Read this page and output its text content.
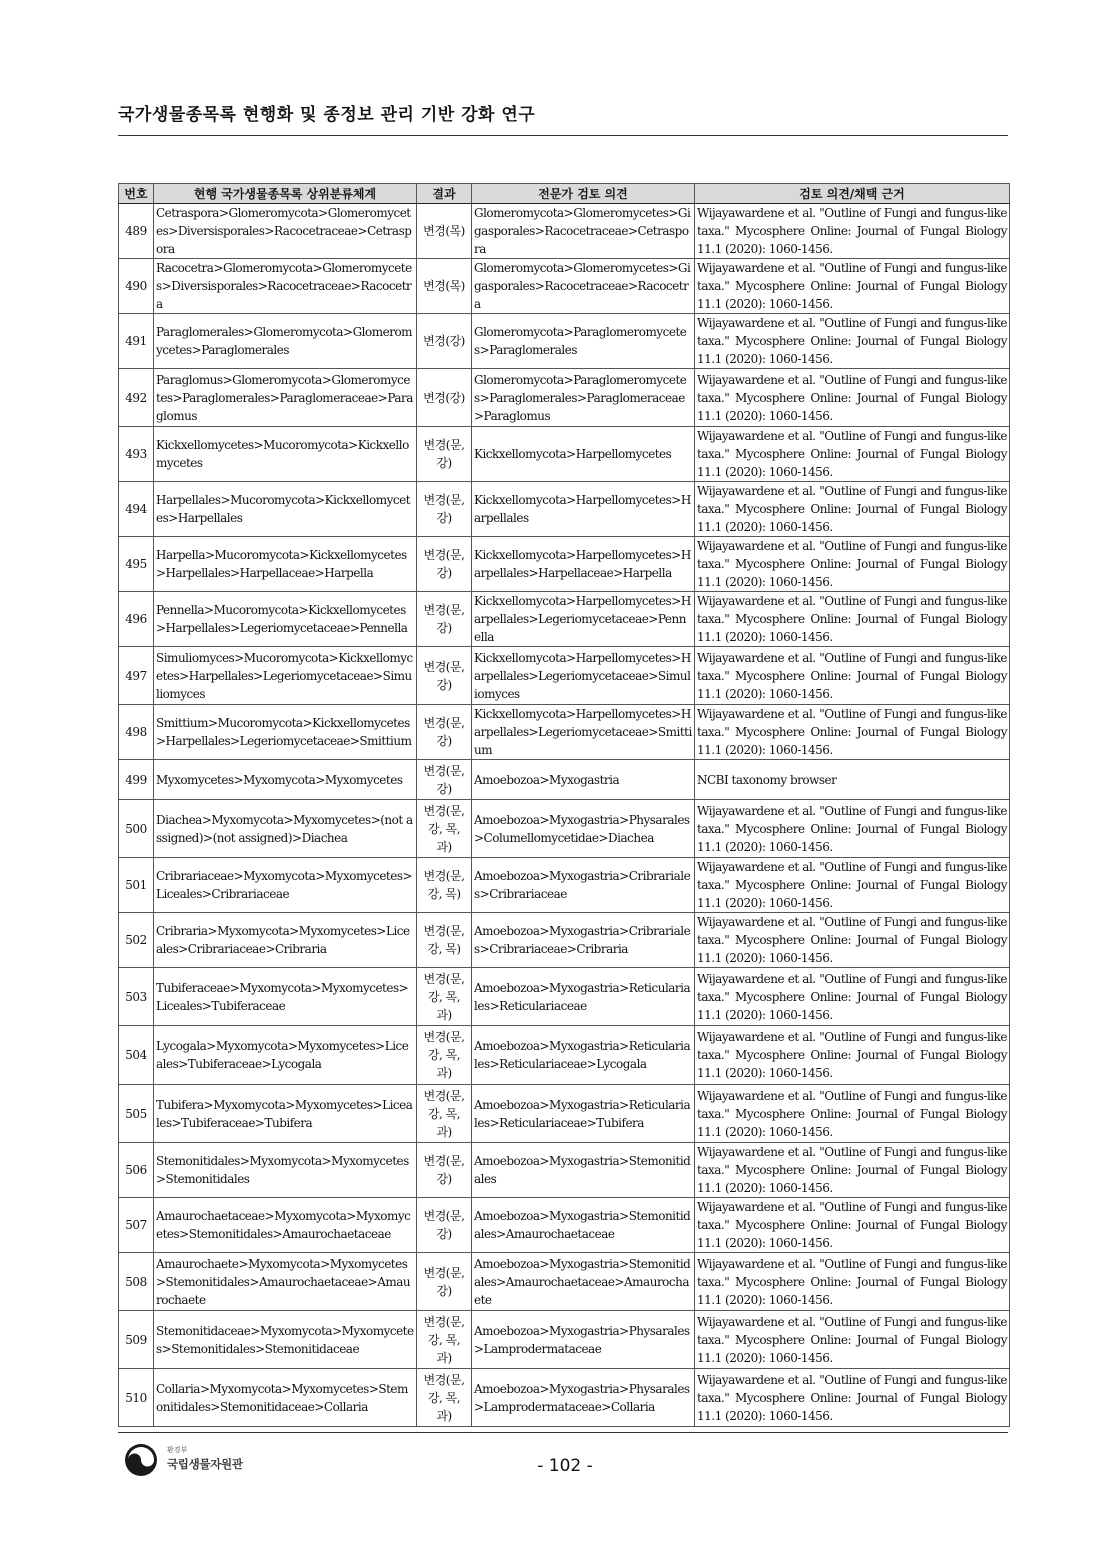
국가생물종목록 현행화 및 종정보 관리 기반 강화 연구
번호	현행 국가생물종목록 상위분류체계	결과	전문가 검토 의견	검토 의견/채택 근거
489	Cetraspora>Glomeromycota>Glomeromycetes>Diversisporales>Racocetraceae>Cetraspora	변경(목)	Glomeromycota>Glomeromycetes>Gigasporales>Racocetraceae>Cetraspora	Wijayawardene et al. "Outline of Fungi and fungus-like taxa." Mycosphere Online: Journal of Fungal Biology 11.1 (2020): 1060-1456.
490	Racocetra>Glomeromycota>Glomeromycetes>Diversisporales>Racocetraceae>Racocetra	변경(목)	Glomeromycota>Glomeromycetes>Gigasporales>Racocetraceae>Racocetra	Wijayawardene et al. "Outline of Fungi and fungus-like taxa." Mycosphere Online: Journal of Fungal Biology 11.1 (2020): 1060-1456.
491	Paraglomerales>Glomeromycota>Glomeromycetes>Paraglomerales	변경(강)	Glomeromycota>Paraglomeromycetes>Paraglomerales	Wijayawardene et al. "Outline of Fungi and fungus-like taxa." Mycosphere Online: Journal of Fungal Biology 11.1 (2020): 1060-1456.
492	Paraglomus>Glomeromycota>Glomeromycetes>Paraglomerales>Paraglomeraceae>Paraglomus	변경(강)	Glomeromycota>Paraglomeromycetes>Paraglomerales>Paraglomeraceae>Paraglomus	Wijayawardene et al. "Outline of Fungi and fungus-like taxa." Mycosphere Online: Journal of Fungal Biology 11.1 (2020): 1060-1456.
493	Kickxellomycetes>Mucoromycota>Kickxellomycetes	변경(문, 강)	Kickxellomycota>Harpellomycetes	Wijayawardene et al. "Outline of Fungi and fungus-like taxa." Mycosphere Online: Journal of Fungal Biology 11.1 (2020): 1060-1456.
494	Harpellales>Mucoromycota>Kickxellomycetes>Harpellales	변경(문, 강)	Kickxellomycota>Harpellomycetes>Harpellales	Wijayawardene et al. "Outline of Fungi and fungus-like taxa." Mycosphere Online: Journal of Fungal Biology 11.1 (2020): 1060-1456.
495	Harpella>Mucoromycota>Kickxellomycetes>Harpellales>Harpellaceae>Harpella	변경(문, 강)	Kickxellomycota>Harpellomycetes>Harpellales>Harpellaceae>Harpella	Wijayawardene et al. "Outline of Fungi and fungus-like taxa." Mycosphere Online: Journal of Fungal Biology 11.1 (2020): 1060-1456.
496	Pennella>Mucoromycota>Kickxellomycetes>Harpellales>Legeriomycetaceae>Pennella	변경(문, 강)	Kickxellomycota>Harpellomycetes>Harpellales>Legeriomycetaceae>Pennella	Wijayawardene et al. "Outline of Fungi and fungus-like taxa." Mycosphere Online: Journal of Fungal Biology 11.1 (2020): 1060-1456.
497	Simuliomyces>Mucoromycota>Kickxellomycetes>Harpellales>Legeriomycetaceae>Simuliomyces	변경(문, 강)	Kickxellomycota>Harpellomycetes>Harpellales>Legeriomycetaceae>Simuliomyces	Wijayawardene et al. "Outline of Fungi and fungus-like taxa." Mycosphere Online: Journal of Fungal Biology 11.1 (2020): 1060-1456.
498	Smittium>Mucoromycota>Kickxellomycetes>Harpellales>Legeriomycetaceae>Smittium	변경(문, 강)	Kickxellomycota>Harpellomycetes>Harpellales>Legeriomycetaceae>Smittium	Wijayawardene et al. "Outline of Fungi and fungus-like taxa." Mycosphere Online: Journal of Fungal Biology 11.1 (2020): 1060-1456.
499	Myxomycetes>Myxomycota>Myxomycetes	변경(문, 강)	Amoebozoa>Myxogastria	NCBI taxonomy browser
500	Diachea>Myxomycota>Myxomycetes>(not assigned)>(not assigned)>Diachea	변경(문, 강, 목, 과)	Amoebozoa>Myxogastria>Physarales>Columellomycetidae>Diachea	Wijayawardene et al. "Outline of Fungi and fungus-like taxa." Mycosphere Online: Journal of Fungal Biology 11.1 (2020): 1060-1456.
501	Cribrariaceae>Myxomycota>Myxomycetes>Liceales>Cribrariaceae	변경(문, 강, 목)	Amoebozoa>Myxogastria>Cribrariales>Cribrariaceae	Wijayawardene et al. "Outline of Fungi and fungus-like taxa." Mycosphere Online: Journal of Fungal Biology 11.1 (2020): 1060-1456.
502	Cribraria>Myxomycota>Myxomycetes>Liceales>Cribrariaceae>Cribraria	변경(문, 강, 목)	Amoebozoa>Myxogastria>Cribrariales>Cribrariaceae>Cribraria	Wijayawardene et al. "Outline of Fungi and fungus-like taxa." Mycosphere Online: Journal of Fungal Biology 11.1 (2020): 1060-1456.
503	Tubiferaceae>Myxomycota>Myxomycetes>Liceales>Tubiferaceae	변경(문, 강, 목, 과)	Amoebozoa>Myxogastria>Reticulariales>Reticulariaceae	Wijayawardene et al. "Outline of Fungi and fungus-like taxa." Mycosphere Online: Journal of Fungal Biology 11.1 (2020): 1060-1456.
504	Lycogala>Myxomycota>Myxomycetes>Liceales>Tubiferaceae>Lycogala	변경(문, 강, 목, 과)	Amoebozoa>Myxogastria>Reticulariales>Reticulariaceae>Lycogala	Wijayawardene et al. "Outline of Fungi and fungus-like taxa." Mycosphere Online: Journal of Fungal Biology 11.1 (2020): 1060-1456.
505	Tubifera>Myxomycota>Myxomycetes>Liceales>Tubiferaceae>Tubifera	변경(문, 강, 목, 과)	Amoebozoa>Myxogastria>Reticulariales>Reticulariaceae>Tubifera	Wijayawardene et al. "Outline of Fungi and fungus-like taxa." Mycosphere Online: Journal of Fungal Biology 11.1 (2020): 1060-1456.
506	Stemonitidales>Myxomycota>Myxomycetes>Stemonitidales	변경(문, 강)	Amoebozoa>Myxogastria>Stemonitidales	Wijayawardene et al. "Outline of Fungi and fungus-like taxa." Mycosphere Online: Journal of Fungal Biology 11.1 (2020): 1060-1456.
507	Amaurochaetaceae>Myxomycota>Myxomycetes>Stemonitidales>Amaurochaetaceae	변경(문, 강)	Amoebozoa>Myxogastria>Stemonitidales>Amaurochaetaceae	Wijayawardene et al. "Outline of Fungi and fungus-like taxa." Mycosphere Online: Journal of Fungal Biology 11.1 (2020): 1060-1456.
508	Amaurochaete>Myxomycota>Myxomycetes>Stemonitidales>Amaurochaetaceae>Amaurochaete	변경(문, 강)	Amoebozoa>Myxogastria>Stemonitidales>Amaurochaetaceae>Amaurochaete	Wijayawardene et al. "Outline of Fungi and fungus-like taxa." Mycosphere Online: Journal of Fungal Biology 11.1 (2020): 1060-1456.
509	Stemonitidaceae>Myxomycota>Myxomycetes>Stemonitidales>Stemonitidaceae	변경(문, 강, 목, 과)	Amoebozoa>Myxogastria>Physarales>Lamprodermataceae	Wijayawardene et al. "Outline of Fungi and fungus-like taxa." Mycosphere Online: Journal of Fungal Biology 11.1 (2020): 1060-1456.
510	Collaria>Myxomycota>Myxomycetes>Stemonitidales>Stemonitidaceae>Collaria	변경(문, 강, 목, 과)	Amoebozoa>Myxogastria>Physarales>Lamprodermataceae>Collaria	Wijayawardene et al. "Outline of Fungi and fungus-like taxa." Mycosphere Online: Journal of Fungal Biology 11.1 (2020): 1060-1456.
환경부
국립생물자원관	- 102 -
